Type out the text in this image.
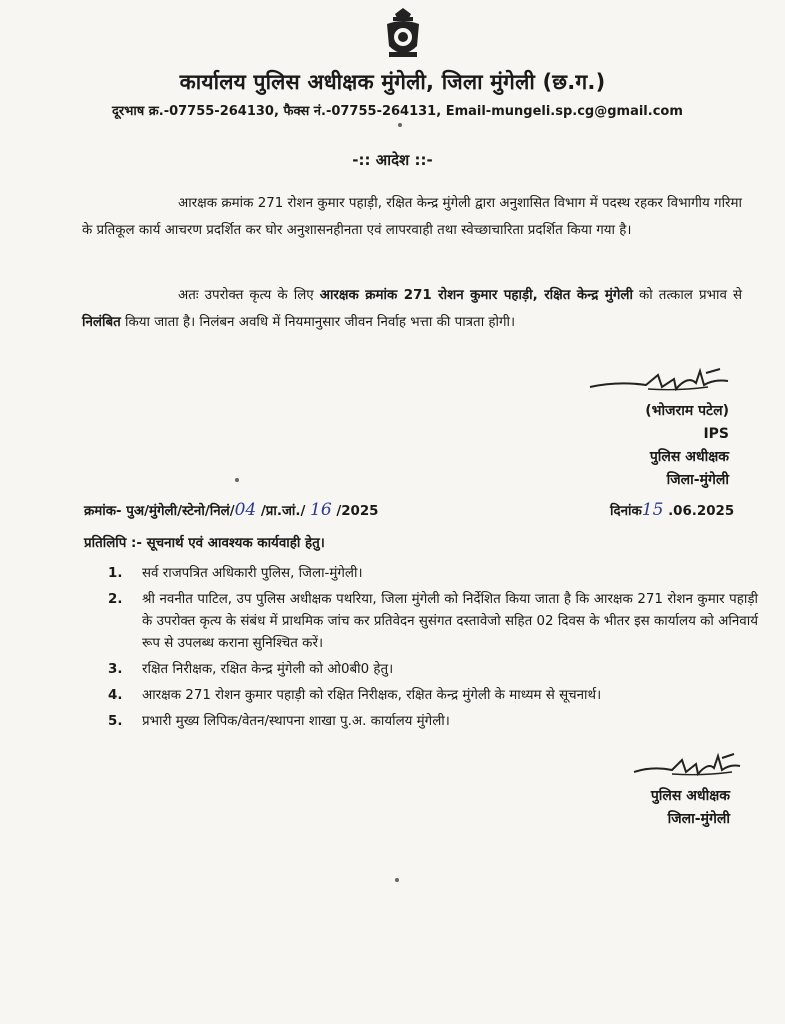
कार्यालय पुलिस अधीक्षक मुंगेली, जिला मुंगेली (छ.ग.)
दूरभाष क्र.-07755-264130, फैक्स नं.-07755-264131, Email-mungeli.sp.cg@gmail.com
-:: आदेश ::-
आरक्षक क्रमांक 271 रोशन कुमार पहाड़ी, रक्षित केन्द्र मुंगेली द्वारा अनुशासित विभाग में पदस्थ रहकर विभागीय गरिमा के प्रतिकूल कार्य आचरण प्रदर्शित कर घोर अनुशासनहीनता एवं लापरवाही तथा स्वेच्छाचारिता प्रदर्शित किया गया है।
अतः उपरोक्त कृत्य के लिए आरक्षक क्रमांक 271 रोशन कुमार पहाड़ी, रक्षित केन्द्र मुंगेली को तत्काल प्रभाव से निलंबित किया जाता है। निलंबन अवधि में नियमानुसार जीवन निर्वाह भत्ता की पात्रता होगी।
(भोजराम पटेल)
IPS
पुलिस अधीक्षक
जिला-मुंगेली
क्रमांक- पुअ/मुंगेली/स्टेनो/निलं/04 /प्रा.जां./ 16 /2025	दिनांक15 .06.2025
प्रतिलिपि :- सूचनार्थ एवं आवश्यक कार्यवाही हेतु।
1. सर्व राजपत्रित अधिकारी पुलिस, जिला-मुंगेली।
2. श्री नवनीत पाटिल, उप पुलिस अधीक्षक पथरिया, जिला मुंगेली को निर्देशित किया जाता है कि आरक्षक 271 रोशन कुमार पहाड़ी के उपरोक्त कृत्य के संबंध में प्राथमिक जांच कर प्रतिवेदन सुसंगत दस्तावेजो सहित 02 दिवस के भीतर इस कार्यालय को अनिवार्य रूप से उपलब्ध कराना सुनिश्चित करें।
3. रक्षित निरीक्षक, रक्षित केन्द्र मुंगेली को ओ0बी0 हेतु।
4. आरक्षक 271 रोशन कुमार पहाड़ी को रक्षित निरीक्षक, रक्षित केन्द्र मुंगेली के माध्यम से सूचनार्थ।
5. प्रभारी मुख्य लिपिक/वेतन/स्थापना शाखा पु.अ. कार्यालय मुंगेली।
पुलिस अधीक्षक
जिला-मुंगेली
